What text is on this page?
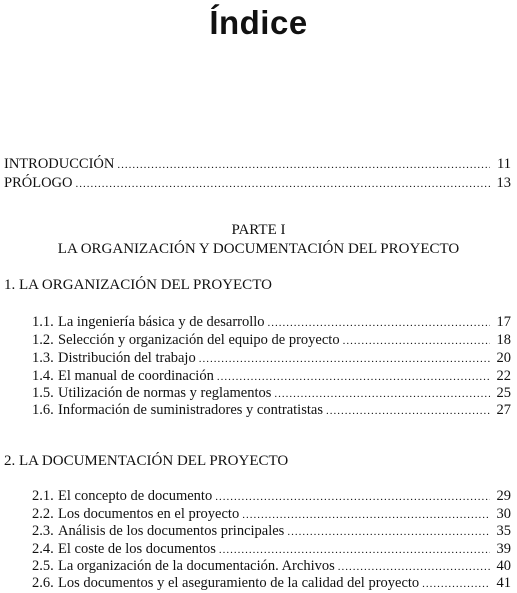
Índice
INTRODUCCIÓN .....	11
PRÓLOGO .....	13
PARTE I
LA ORGANIZACIÓN Y DOCUMENTACIÓN DEL PROYECTO
1. LA ORGANIZACIÓN DEL PROYECTO
1.1. La ingeniería básica y de desarrollo .....	17
1.2. Selección y organización del equipo de proyecto .....	18
1.3. Distribución del trabajo .....	20
1.4. El manual de coordinación .....	22
1.5. Utilización de normas y reglamentos .....	25
1.6. Información de suministradores y contratistas .....	27
2. LA DOCUMENTACIÓN DEL PROYECTO
2.1. El concepto de documento .....	29
2.2. Los documentos en el proyecto .....	30
2.3. Análisis de los documentos principales .....	35
2.4. El coste de los documentos .....	39
2.5. La organización de la documentación. Archivos .....	40
2.6. Los documentos y el aseguramiento de la calidad del proyecto .....	41
